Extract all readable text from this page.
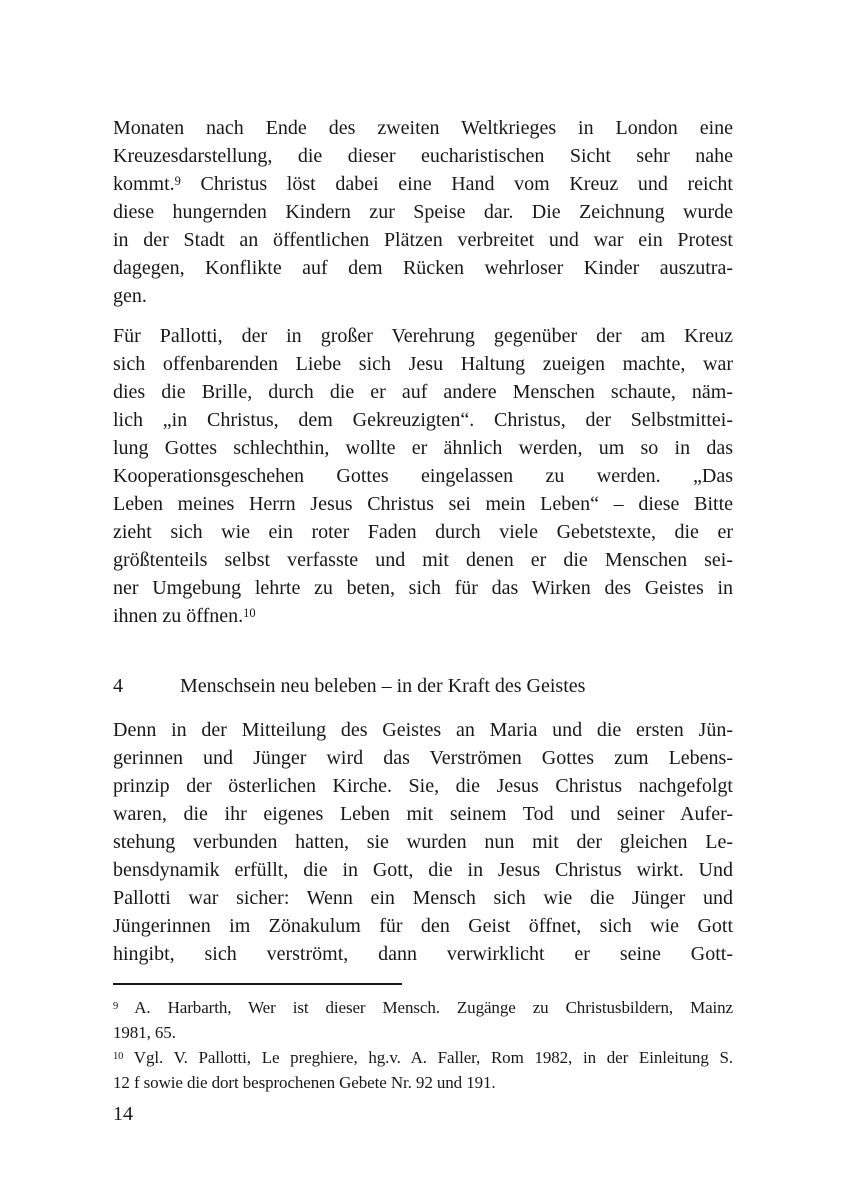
Monaten nach Ende des zweiten Weltkrieges in London eine
Kreuzesdarstellung, die dieser eucharistischen Sicht sehr nahe
kommt.$^9$ Christus löst dabei eine Hand vom Kreuz und reicht
diese hungernden Kindern zur Speise dar. Die Zeichnung wurde
in der Stadt an öffentlichen Plätzen verbreitet und war ein Protest
dagegen, Konflikte auf dem Rücken wehrloser Kinder auszutra-
gen.
Für Pallotti, der in großer Verehrung gegenüber der am Kreuz
sich offenbarenden Liebe sich Jesu Haltung zueigen machte, war
dies die Brille, durch die er auf andere Menschen schaute, näm-
lich „in Christus, dem Gekreuzigten“. Christus, der Selbstmittei-
lung Gottes schlechthin, wollte er ähnlich werden, um so in das
Kooperationsgeschehen Gottes eingelassen zu werden. „Das
Leben meines Herrn Jesus Christus sei mein Leben“ – diese Bitte
zieht sich wie ein roter Faden durch viele Gebetstexte, die er
größtenteils selbst verfasste und mit denen er die Menschen sei-
ner Umgebung lehrte zu beten, sich für das Wirken des Geistes in
ihnen zu öffnen.$^{10}$
4	Menschsein neu beleben – in der Kraft des Geistes
Denn in der Mitteilung des Geistes an Maria und die ersten Jün-
gerinnen und Jünger wird das Verströmen Gottes zum Lebens-
prinzip der österlichen Kirche. Sie, die Jesus Christus nachgefolgt
waren, die ihr eigenes Leben mit seinem Tod und seiner Aufer-
stehung verbunden hatten, sie wurden nun mit der gleichen Le-
bensdynamik erfüllt, die in Gott, die in Jesus Christus wirkt. Und
Pallotti war sicher: Wenn ein Mensch sich wie die Jünger und
Jüngerinnen im Zönakulum für den Geist öffnet, sich wie Gott
hingibt, sich verströmt, dann verwirklicht er seine Gott-
$^9$ A. Harbarth, Wer ist dieser Mensch. Zugänge zu Christusbildern, Mainz
1981, 65.
$^{10}$ Vgl. V. Pallotti, Le preghiere, hg.v. A. Faller, Rom 1982, in der Einleitung S.
12 f sowie die dort besprochenen Gebete Nr. 92 und 191.
14
